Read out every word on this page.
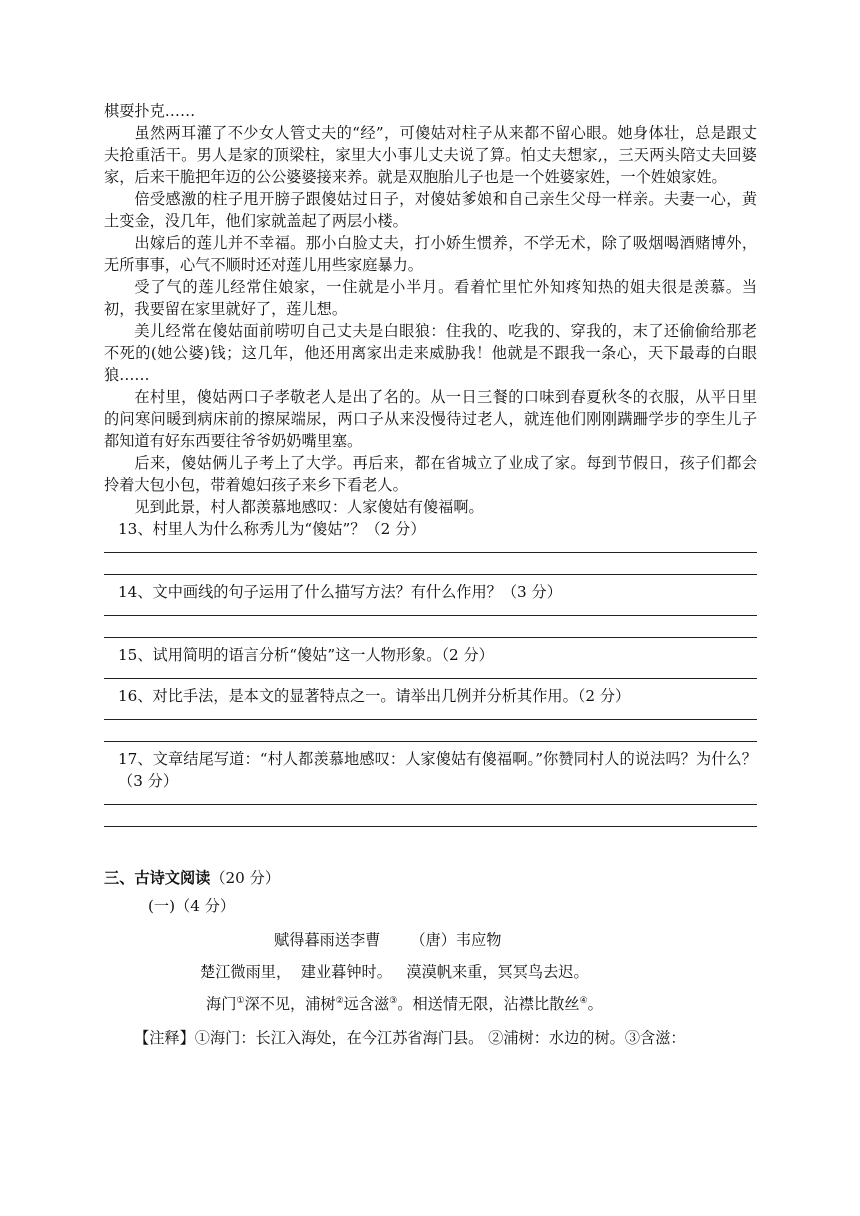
棋耍扑克……

虽然两耳灌了不少女人管丈夫的“经”，可傻姑对柱子从来都不留心眼。她身体壮，总是跟丈夫抢重活干。男人是家的顶梁柱，家里大小事儿丈夫说了算。怕丈夫想家,，三天两头陪丈夫回婆家，后来干脆把年迈的公公婆婆接来养。就是双胞胎儿子也是一个姓婆家姓，一个姓娘家姓。

倍受感激的柱子甩开膀子跟傻姑过日子，对傻姑爹娘和自己亲生父母一样亲。夫妻一心，黄土变金，没几年，他们家就盖起了两层小楼。

出嫁后的莲儿并不幸福。那小白脸丈夫，打小娇生惯养，不学无术，除了吸烟喝酒赌博外，无所事事，心气不顺时还对莲儿用些家庭暴力。

受了气的莲儿经常住娘家，一住就是小半月。看着忙里忙外知疼知热的姐夫很是羡慕。当初，我要留在家里就好了，莲儿想。

美儿经常在傻姑面前唠叨自己丈夫是白眼狼：住我的、吃我的、穿我的，末了还偷偷给那老不死的(她公婆)钱；这几年，他还用离家出走来威胁我！他就是不跟我一条心，天下最毒的白眼狼……

在村里，傻姑两口子孝敬老人是出了名的。从一日三餐的口味到春夏秋冬的衣服，从平日里的问寒问暖到病床前的擦屎端尿，两口子从来没慢待过老人，就连他们刚刚蹒跚学步的孪生儿子都知道有好东西要往爷爷奶奶嘴里塞。

后来，傻姑俩儿子考上了大学。再后来，都在省城立了业成了家。每到节假日，孩子们都会拎着大包小包，带着媳妇孩子来乡下看老人。

见到此景，村人都羡慕地感叹：人家傻姑有傻福啊。

13、村里人为什么称秀儿为“傻姑”？（2 分）

14、文中画线的句子运用了什么描写方法？有什么作用？（3 分）

15、试用简明的语言分析“傻姑”这一人物形象。（2 分）

16、对比手法，是本文的显著特点之一。请举出几例并分析其作用。（2 分）

17、文章结尾写道：“村人都羡慕地感叹：人家傻姑有傻福啊。”你赞同村人的说法吗？为什么？（3 分）

三、古诗文阅读（20 分）

(一)（4 分）

赋得暮雨送李曹 （唐）韦应物

楚江微雨里，  建业暮钟时。   漠漠帆来重，冥冥鸟去迟。

海门①深不见，浦树②远含滋③。相送情无限，沾襟比散丝④。

【注释】①海门：长江入海处，在今江苏省海门县。 ②浦树：水边的树。③含滋：
